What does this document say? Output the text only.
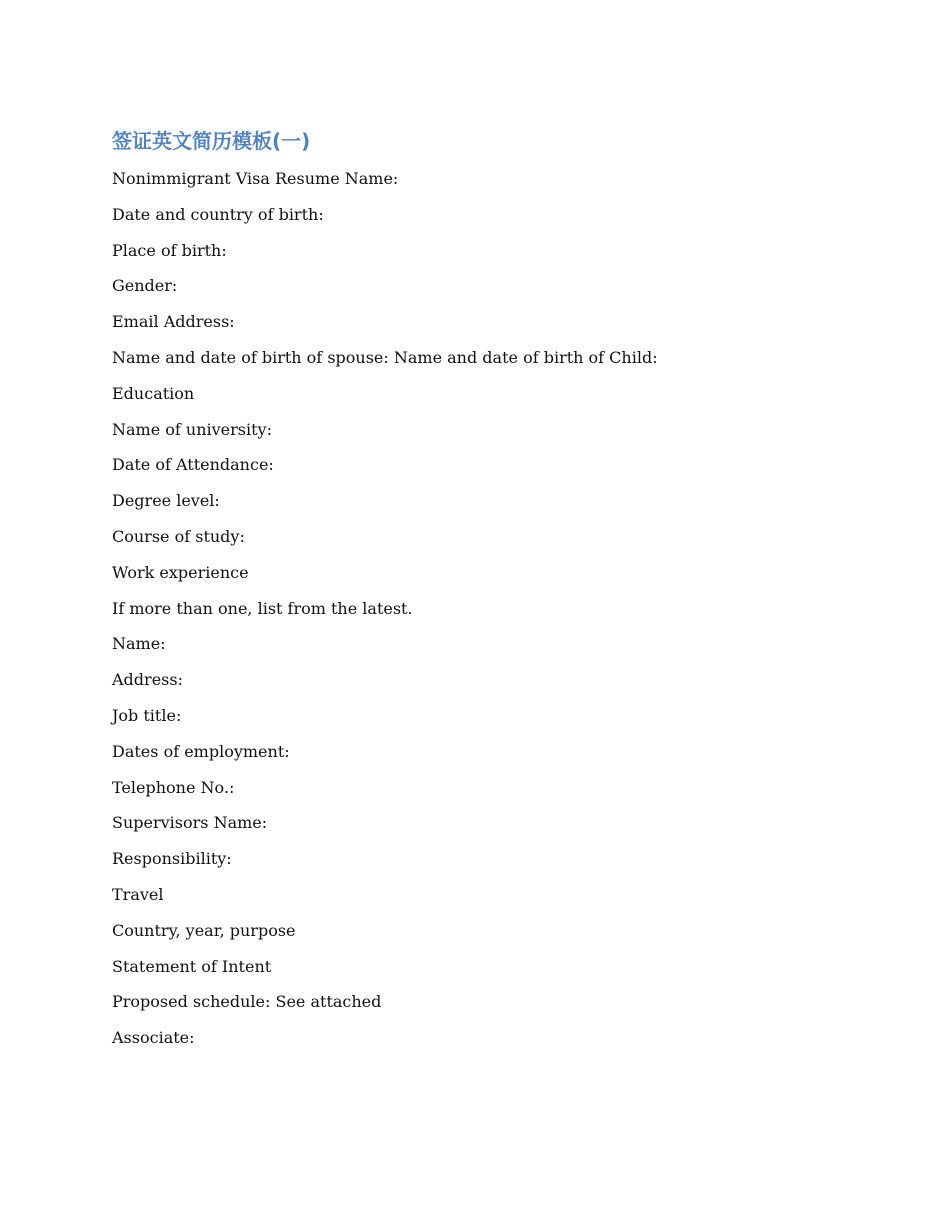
签证英文简历模板(一)
Nonimmigrant Visa Resume Name:
Date and country of birth:
Place of birth:
Gender:
Email Address:
Name and date of birth of spouse: Name and date of birth of Child:
Education
Name of university:
Date of Attendance:
Degree level:
Course of study:
Work experience
If more than one, list from the latest.
Name:
Address:
Job title:
Dates of employment:
Telephone No.:
Supervisors Name:
Responsibility:
Travel
Country, year, purpose
Statement of Intent
Proposed schedule: See attached
Associate:
